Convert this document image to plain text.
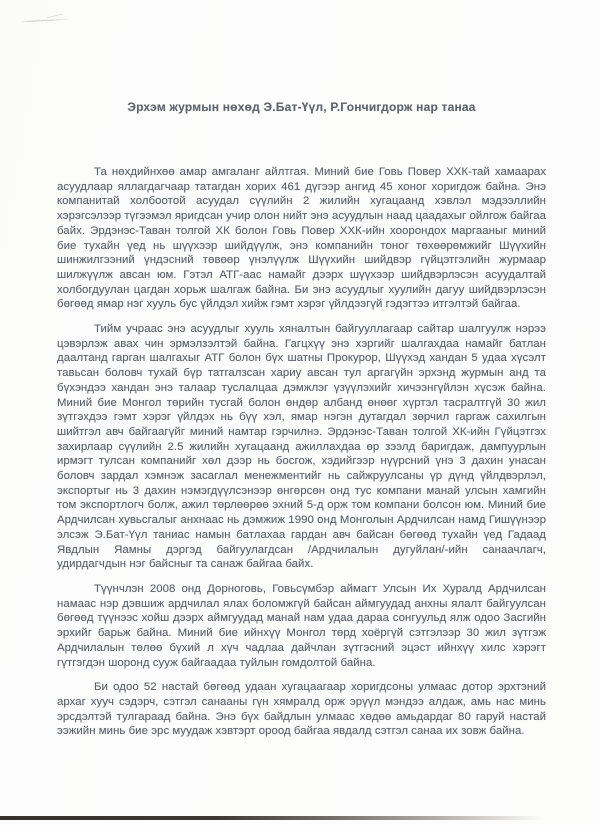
Эрхэм журмын нөхөд Э.Бат-Үүл, Р.Гончигдорж нар танаа

Та нөхдийнхөө амар амгаланг айлтгая. Миний бие Говь Повер ХХК-тай хамаарах асуудлаар яллагдагчаар татагдан хорих 461 дүгээр ангид 45 хоног хоригдож байна. Энэ компанитай холбоотой асуудал сүүлийн 2 жилийн хугацаанд хэвлэл мэдээллийн хэрэгсэлээр түгээмэл яригдсан учир олон нийт энэ асуудлын наад цаадахыг ойлгож байгаа байх. Эрдэнэс-Таван толгой ХК болон Говь Повер ХХК-ийн хоорондох маргааныг миний бие тухайн үед нь шүүхээр шийдүүлж, энэ компанийн тоног төхөөрөмжийг Шүүхийн шинжилгээний үндэсний төвөөр үнэлүүлж Шүүхийн шийдвэр гүйцэтгэлийн журмаар шилжүүлж авсан юм. Гэтэл АТГ-аас намайг дээрх шүүхээр шийдвэрлэсэн асуудалтай холбогдуулан цагдан хорьж шалгаж байна. Би энэ асуудлыг хуулийн дагуу шийдвэрлэсэн бөгөөд ямар нэг хууль бус үйлдэл хийж гэмт хэрэг үйлдээгүй гэдэгтээ итгэлтэй байгаа.

Тийм учраас энэ асуудлыг хууль хяналтын байгууллагаар сайтар шалгуулж нэрээ цэвэрлэж авах чин эрмэлзэлтэй байна. Гагцхүү энэ хэргийг шалгахдаа намайг батлан даалтанд гарган шалгахыг АТГ болон бүх шатны Прокурор, Шүүхэд хандан 5 удаа хүсэлт тавьсан боловч тухай бүр татгалзсан хариу авсан тул аргагүйн эрхэнд журмын анд та бүхэндээ хандан энэ талаар туслалцаа дэмжлэг үзүүлэхийг хичээнгүйлэн хүсэж байна. Миний бие Монгол төрийн тусгай болон өндөр албанд өнөөг хүртэл тасралтгүй 30 жил зүтгэхдээ гэмт хэрэг үйлдэх нь бүү хэл, ямар нэгэн дутагдал зөрчил гаргаж сахилгын шийтгэл авч байгаагүйг миний намтар гэрчилнэ. Эрдэнэс-Таван толгой ХК-ийн Гүйцэтгэх захирлаар сүүлийн 2.5 жилийн хугацаанд ажиллахдаа өр зээлд баригдаж, дампуурлын ирмэгт тулсан компанийг хөл дээр нь босгож, хэдийгээр нүүрсний үнэ 3 дахин унасан боловч зардал хэмнэж засаглал менежментийг нь сайжруулсаны үр дүнд үйлдвэрлэл, экспортыг нь 3 дахин нэмэгдүүлсэнээр өнгөрсөн онд тус компани манай улсын хамгийн том экспортлогч болж, ажил төрлөөрөө эхний 5-д орж том компани болсон юм. Миний бие Ардчилсан хувьсгалыг анхнаас нь дэмжиж 1990 онд Монголын Ардчилсан намд Гишүүнээр элсэж Э.Бат-Үүл таниас намын батлахаа гардан авч байсан бөгөөд тухайн үед Гадаад Явдлын Яамны дэргэд байгуулагдсан /Ардчилалын дугуйлан/-ийн санаачлагч, удирдагчдын нэг байсныг та санаж байгаа байх.

Түүнчлэн 2008 онд Дорноговь, Говьсүмбэр аймагт Улсын Их Хуралд Ардчилсан намаас нэр дэвшиж ардчилал ялах боломжгүй байсан аймгуудад анхны ялалт байгуулсан бөгөөд түүнээс хойш дээрх аймгуудад манай нам удаа дараа сонгуульд ялж одоо Засгийн эрхийг барьж байна. Миний бие ийнхүү Монгол төрд хоёргүй сэтгэлээр 30 жил зүтгэж Ардчилалын төлөө бүхий л хүч чадлаа дайчлан зүтгэсний эцэст ийнхүү хилс хэрэгт гүтгэгдэн шоронд сууж байгаадаа туйлын гомдолтой байна.

Би одоо 52 настай бөгөөд удаан хугацаагаар хоригдсоны улмаас дотор эрхтэний архаг хууч сэдэрч, сэтгэл санааны гүн хямралд орж эрүүл мэндээ алдаж, амь нас минь эрсдэлтэй тулгараад байна. Энэ бүх байдлын улмаас хөдөө амьдардаг 80 гаруй настай ээжийн минь бие эрс муудаж хэвтэрт ороод байгаа явдалд сэтгэл санаа их зовж байна.
